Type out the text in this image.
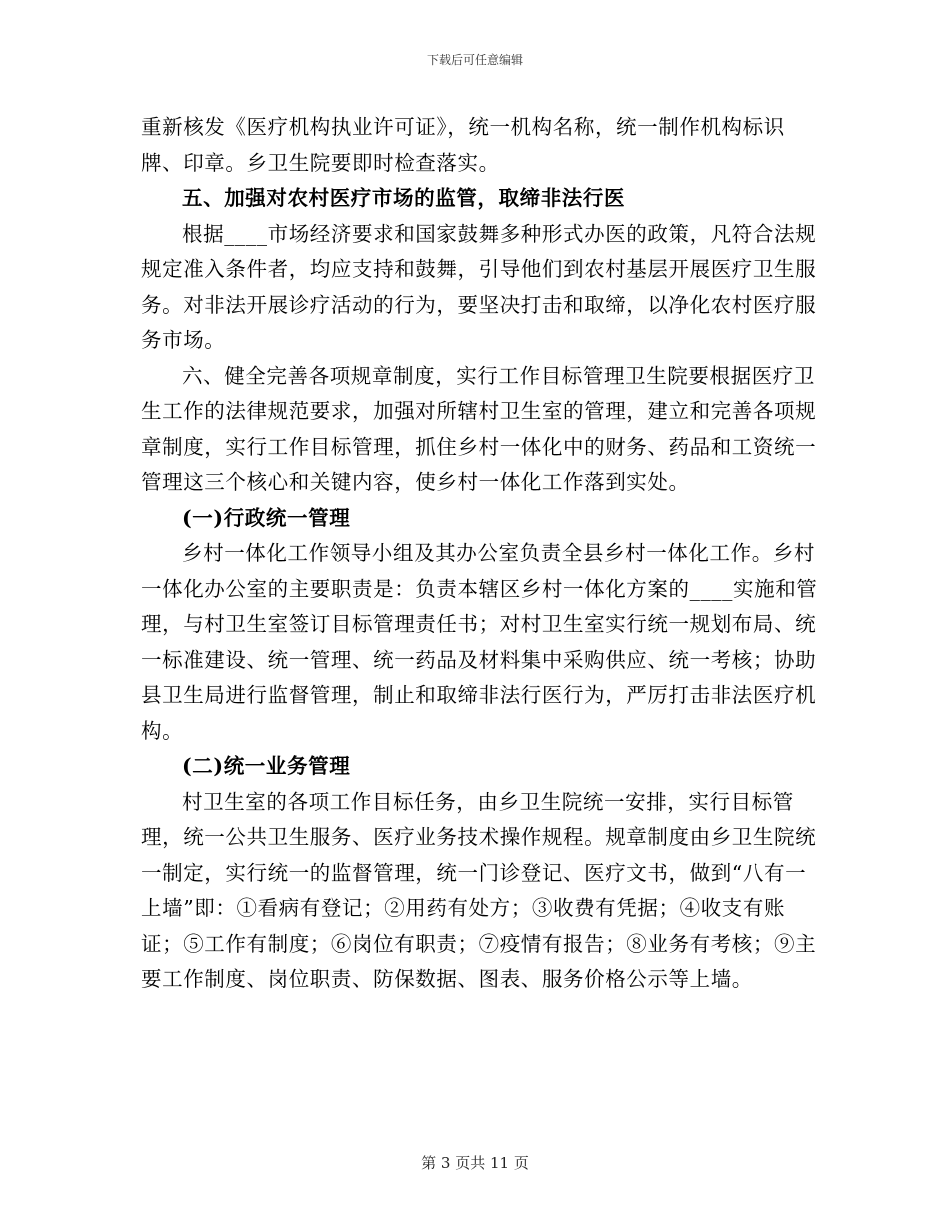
下载后可任意编辑

重新核发《医疗机构执业许可证》，统一机构名称，统一制作机构标识牌、印章。乡卫生院要即时检查落实。

五、加强对农村医疗市场的监管，取缔非法行医

根据____市场经济要求和国家鼓舞多种形式办医的政策，凡符合法规规定准入条件者，均应支持和鼓舞，引导他们到农村基层开展医疗卫生服务。对非法开展诊疗活动的行为，要坚决打击和取缔，以净化农村医疗服务市场。

六、健全完善各项规章制度，实行工作目标管理卫生院要根据医疗卫生工作的法律规范要求，加强对所辖村卫生室的管理，建立和完善各项规章制度，实行工作目标管理，抓住乡村一体化中的财务、药品和工资统一管理这三个核心和关键内容，使乡村一体化工作落到实处。

(一)行政统一管理

乡村一体化工作领导小组及其办公室负责全县乡村一体化工作。乡村一体化办公室的主要职责是：负责本辖区乡村一体化方案的____实施和管理，与村卫生室签订目标管理责任书；对村卫生室实行统一规划布局、统一标准建设、统一管理、统一药品及材料集中采购供应、统一考核；协助县卫生局进行监督管理，制止和取缔非法行医行为，严厉打击非法医疗机构。

(二)统一业务管理

村卫生室的各项工作目标任务，由乡卫生院统一安排，实行目标管理，统一公共卫生服务、医疗业务技术操作规程。规章制度由乡卫生院统一制定，实行统一的监督管理，统一门诊登记、医疗文书，做到“八有一上墙”即：①看病有登记；②用药有处方；③收费有凭据；④收支有账证；⑤工作有制度；⑥岗位有职责；⑦疫情有报告；⑧业务有考核；⑨主要工作制度、岗位职责、防保数据、图表、服务价格公示等上墙。

第 3 页共 11 页
